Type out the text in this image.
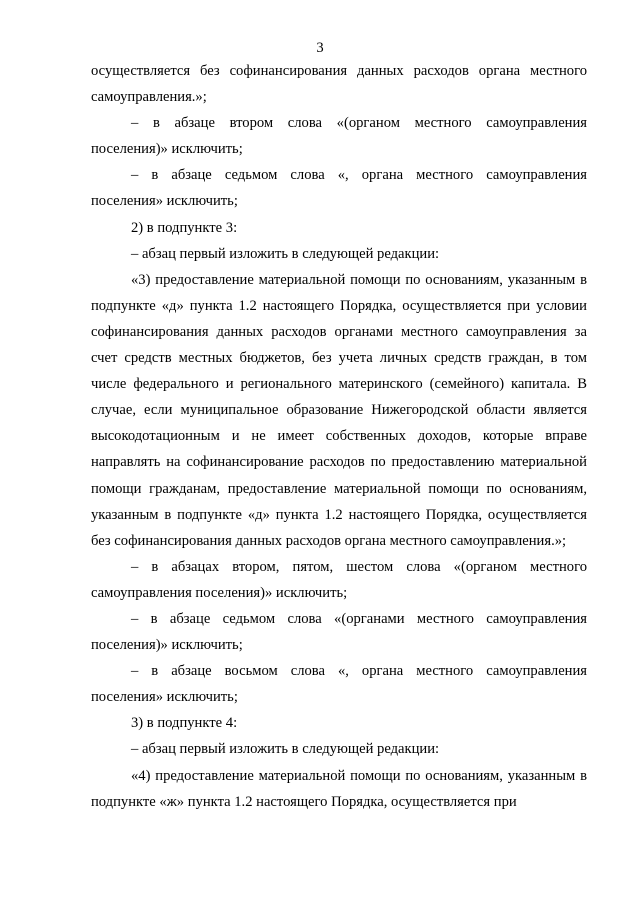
3

осуществляется без софинансирования данных расходов органа местного самоуправления.»;

– в абзаце втором слова «(органом местного самоуправления поселения)» исключить;

– в абзаце седьмом слова «, органа местного самоуправления поселения» исключить;

2) в подпункте 3:

– абзац первый изложить в следующей редакции:

«3) предоставление материальной помощи по основаниям, указанным в подпункте «д» пункта 1.2 настоящего Порядка, осуществляется при условии софинансирования данных расходов органами местного самоуправления за счет средств местных бюджетов, без учета личных средств граждан, в том числе федерального и регионального материнского (семейного) капитала. В случае, если муниципальное образование Нижегородской области является высокодотационным и не имеет собственных доходов, которые вправе направлять на софинансирование расходов по предоставлению материальной помощи гражданам, предоставление материальной помощи по основаниям, указанным в подпункте «д» пункта 1.2 настоящего Порядка, осуществляется без софинансирования данных расходов органа местного самоуправления.»;

– в абзацах втором, пятом, шестом слова «(органом местного самоуправления поселения)» исключить;

– в абзаце седьмом слова «(органами местного самоуправления поселения)» исключить;

– в абзаце восьмом слова «, органа местного самоуправления поселения» исключить;

3) в подпункте 4:

– абзац первый изложить в следующей редакции:

«4) предоставление материальной помощи по основаниям, указанным в подпункте «ж» пункта 1.2 настоящего Порядка, осуществляется при
